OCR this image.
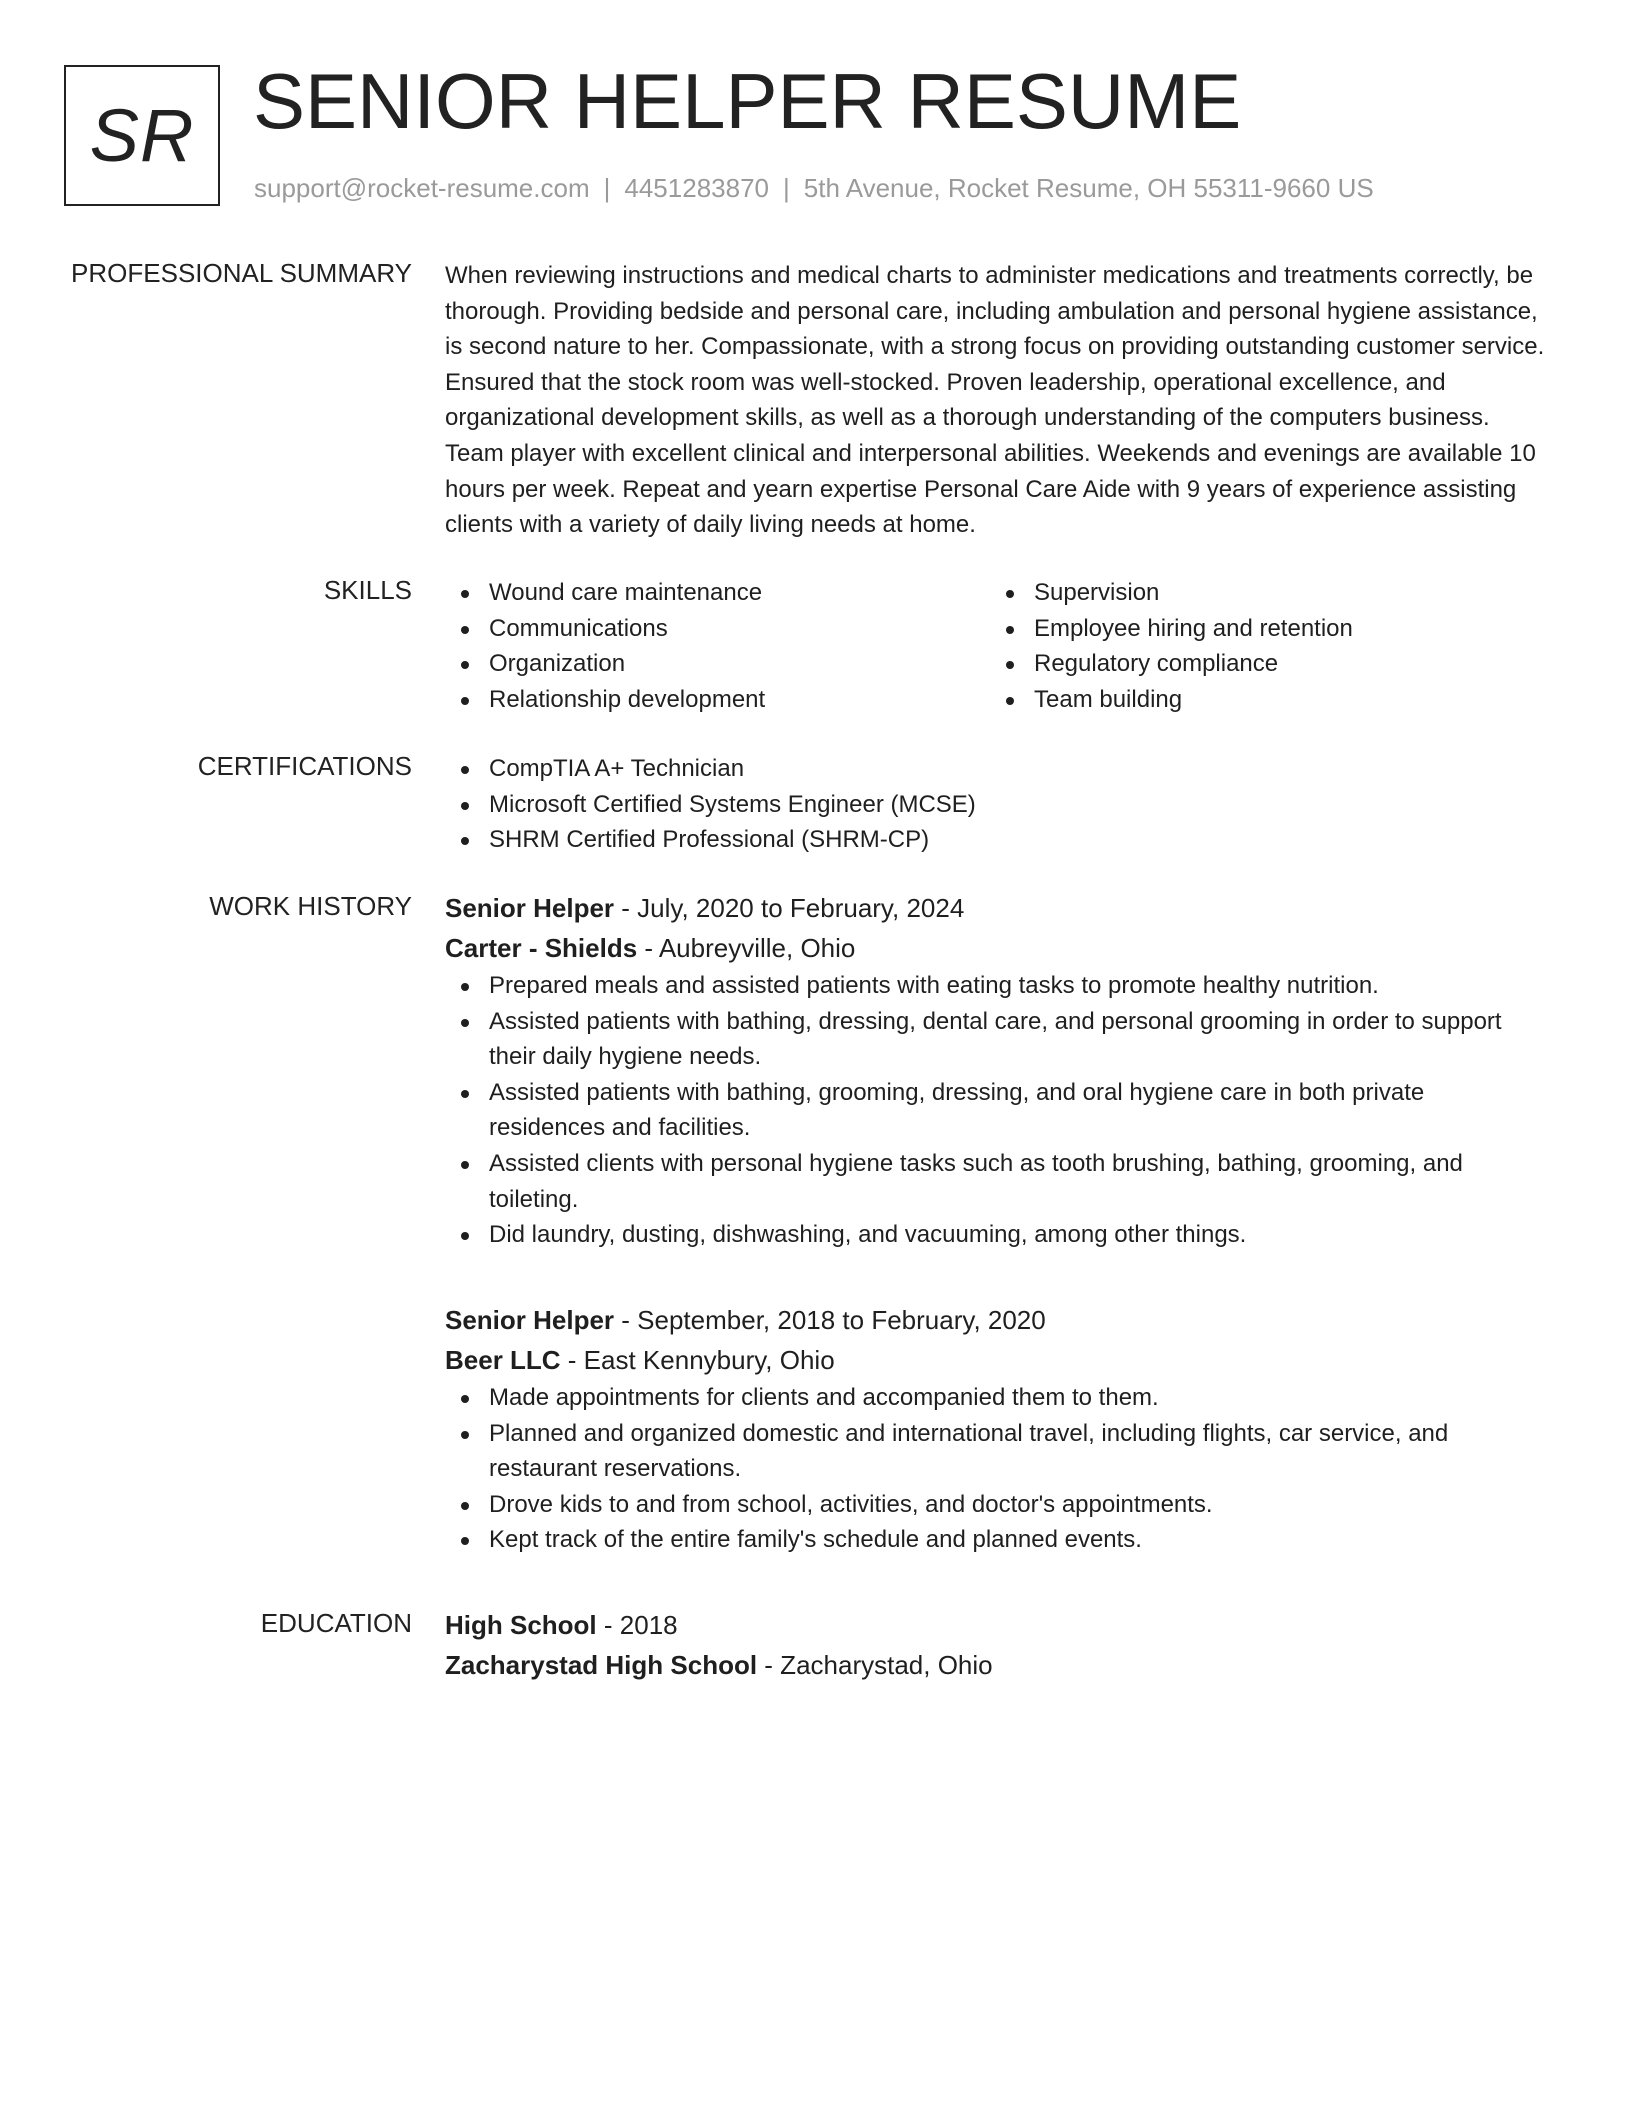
SR SENIOR HELPER RESUME
support@rocket-resume.com | 4451283870 | 5th Avenue, Rocket Resume, OH 55311-9660 US
PROFESSIONAL SUMMARY When reviewing instructions and medical charts to administer medications and treatments correctly, be thorough. Providing bedside and personal care, including ambulation and personal hygiene assistance, is second nature to her. Compassionate, with a strong focus on providing outstanding customer service. Ensured that the stock room was well-stocked. Proven leadership, operational excellence, and organizational development skills, as well as a thorough understanding of the computers business. Team player with excellent clinical and interpersonal abilities. Weekends and evenings are available 10 hours per week. Repeat and yearn expertise Personal Care Aide with 9 years of experience assisting clients with a variety of daily living needs at home.
SKILLS	Wound care maintenance
Communications
Organization
Relationship development
Supervision
Employee hiring and retention
Regulatory compliance
Team building
CERTIFICATIONS	CompTIA A+ Technician
Microsoft Certified Systems Engineer (MCSE)
SHRM Certified Professional (SHRM-CP)
WORK HISTORY Senior Helper - July, 2020 to February, 2024
Carter - Shields - Aubreyville, Ohio
Prepared meals and assisted patients with eating tasks to promote healthy nutrition.
Assisted patients with bathing, dressing, dental care, and personal grooming in order to support their daily hygiene needs.
Assisted patients with bathing, grooming, dressing, and oral hygiene care in both private residences and facilities.
Assisted clients with personal hygiene tasks such as tooth brushing, bathing, grooming, and toileting.
Did laundry, dusting, dishwashing, and vacuuming, among other things.
Senior Helper - September, 2018 to February, 2020
Beer LLC - East Kennybury, Ohio
Made appointments for clients and accompanied them to them.
Planned and organized domestic and international travel, including flights, car service, and restaurant reservations.
Drove kids to and from school, activities, and doctor's appointments.
Kept track of the entire family's schedule and planned events.
EDUCATION High School - 2018
Zacharystad High School - Zacharystad, Ohio
